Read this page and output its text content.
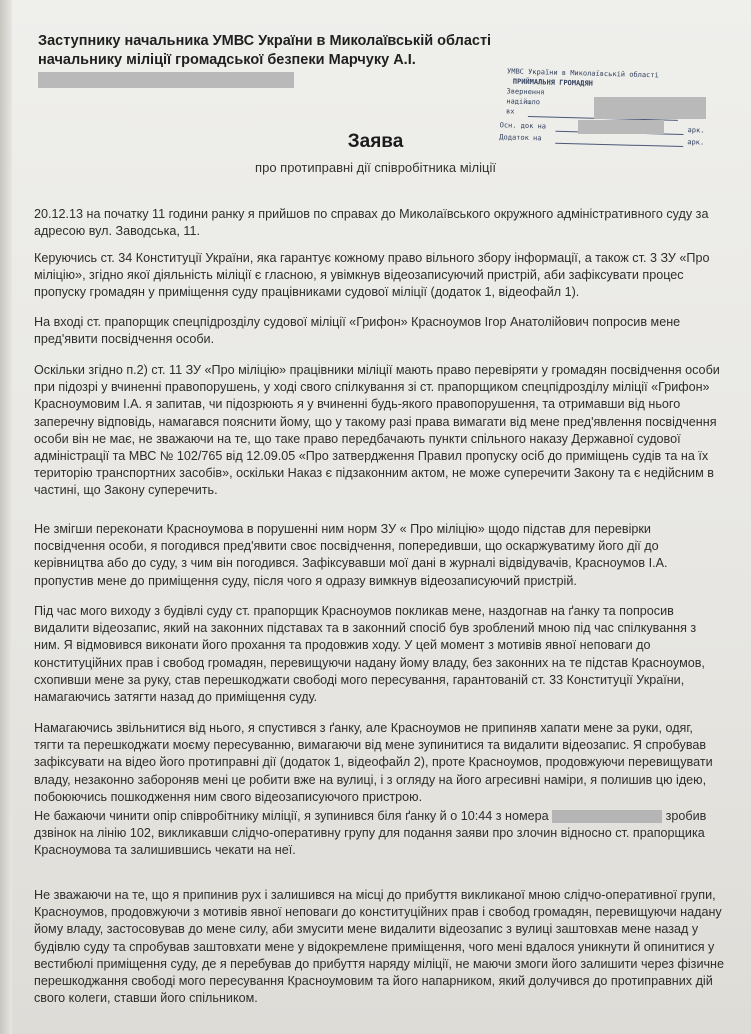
Заступнику начальника УМВС України в Миколаївській області
начальнику міліції громадської безпеки Марчуку А.І.
УМВС України в Миколаївській області
ПРИЙМАЛЬНЯ ГРОМАДЯН
Звернення
надійшло
вх
Осн. док на	арк.
Додаток на
арк.
Заява
про протиправні дії співробітника міліції

20.12.13 на початку 11 години ранку я прийшов по справах до Миколаївського окружного адміністративного суду за адресою вул. Заводська, 11.

Керуючись ст. 34 Конституції України, яка гарантує кожному право вільного збору інформації, а також ст. 3 ЗУ «Про міліцію», згідно якої діяльність міліції є гласною, я увімкнув відеозаписуючий пристрій, аби зафіксувати процес пропуску громадян у приміщення суду працівниками судової міліції (додаток 1, відеофайл 1).

На вході ст. прапорщик спецпідрозділу судової міліції «Грифон» Красноумов Ігор Анатолійович попросив мене пред'явити посвідчення особи.

Оскільки згідно п.2) ст. 11 ЗУ «Про міліцію» працівники міліції мають право перевіряти у громадян посвідчення особи при підозрі у вчиненні правопорушень, у ході свого спілкування зі ст. прапорщиком спецпідрозділу міліції «Грифон» Красноумовим І.А. я запитав, чи підозрюють я у вчиненні будь-якого правопорушення, та отримавши від нього заперечну відповідь, намагався пояснити йому, що у такому разі права вимагати від мене пред'явлення посвідчення особи він не має, не зважаючи на те, що таке право передбачають пункти спільного наказу Державної судової адміністрації та МВС № 102/765 від 12.09.05 «Про затвердження Правил пропуску осіб до приміщень судів та на їх територію транспортних засобів», оскільки Наказ є підзаконним актом, не може суперечити Закону та є недійсним в частині, що Закону суперечить.

Не змігши переконати Красноумова в порушенні ним норм ЗУ « Про міліцію» щодо підстав для перевірки посвідчення особи, я погодився пред'явити своє посвідчення, попередивши, що оскаржуватиму його дії до керівництва або до суду, з чим він погодився. Зафіксувавши мої дані в журналі відвідувачів, Красноумов І.А. пропустив мене до приміщення суду, після чого я одразу вимкнув відеозаписуючий пристрій.

Під час мого виходу з будівлі суду ст. прапорщик Красноумов покликав мене, наздогнав на ґанку та попросив видалити відеозапис, який на законних підставах та в законний спосіб був зроблений мною під час спілкування з ним. Я відмовився виконати його прохання та продовжив ходу. У цей момент з мотивів явної неповаги до конституційних прав і свобод громадян, перевищуючи надану йому владу, без законних на те підстав Красноумов, схопивши мене за руку, став перешкоджати свободі мого пересування, гарантованій ст. 33 Конституції України, намагаючись затягти назад до приміщення суду.

Намагаючись звільнитися від нього, я спустився з ґанку, але Красноумов не припиняв хапати мене за руки, одяг, тягти та перешкоджати моєму пересуванню, вимагаючи від мене зупинитися та видалити відеозапис. Я спробував зафіксувати на відео його протиправні дії (додаток 1, відеофайл 2), проте Красноумов, продовжуючи перевищувати владу, незаконно забороняв мені це робити вже на вулиці, і з огляду на його агресивні наміри, я полишив цю ідею, побоюючись пошкодження ним свого відеозаписуючого пристрою.

Не бажаючи чинити опір співробітнику міліції, я зупинився біля ґанку й о 10:44 з номера	зробив дзвінок на лінію 102, викликавши слідчо-оперативну групу для подання заяви про злочин відносно ст. прапорщика Красноумова та залишившись чекати на неї.

Не зважаючи на те, що я припинив рух і залишився на місці до прибуття викликаної мною слідчо-оперативної групи, Красноумов, продовжуючи з мотивів явної неповаги до конституційних прав і свобод громадян, перевищуючи надану йому владу, застосовував до мене силу, аби змусити мене видалити відеозапис з вулиці заштовхав мене назад у будівлю суду та спробував заштовхати мене у відокремлене приміщення, чого мені вдалося уникнути й опинитися у вестибюлі приміщення суду, де я перебував до прибуття наряду міліції, не маючи змоги його залишити через фізичне перешкоджання свободі мого пересування Красноумовим та його напарником, який долучився до протиправних дій свого колеги, ставши його спільником.
